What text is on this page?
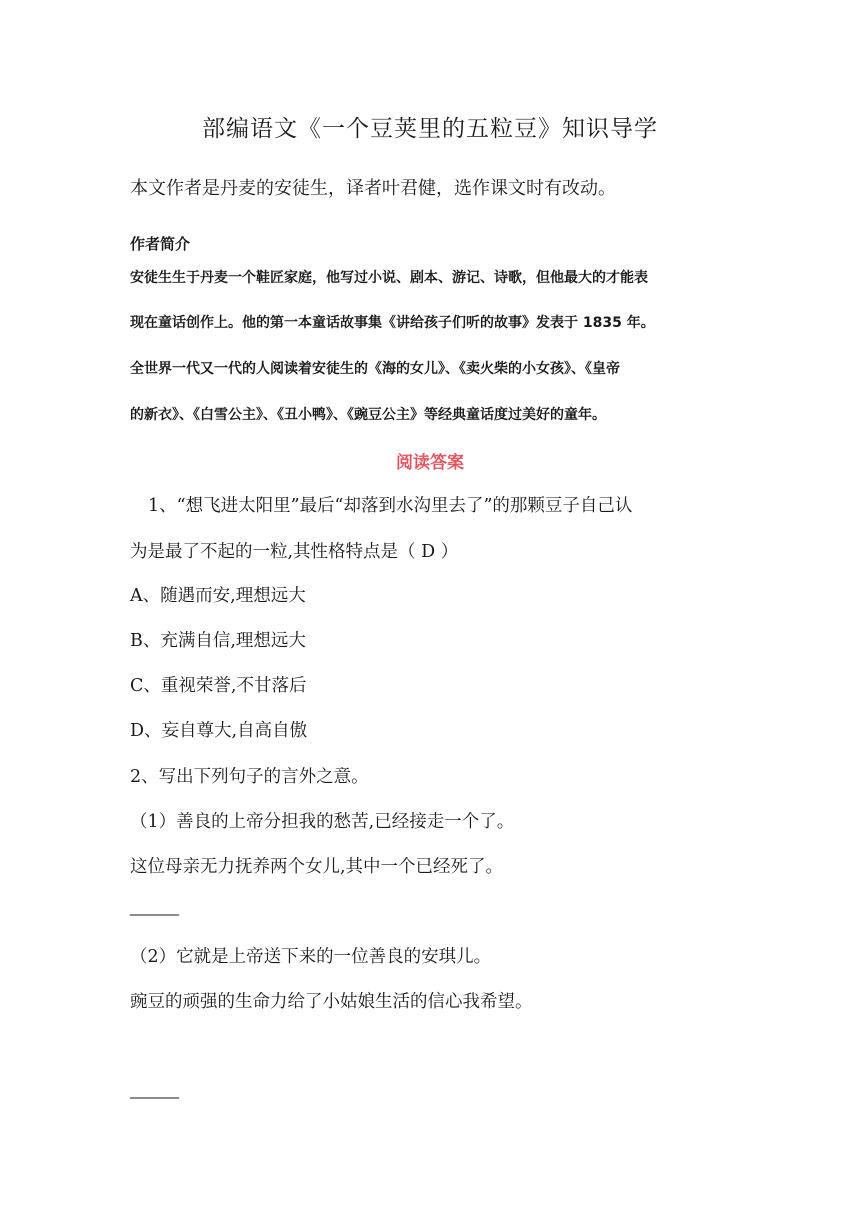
部编语文《一个豆荚里的五粒豆》知识导学
本文作者是丹麦的安徒生，译者叶君健，选作课文时有改动。
作者简介
安徒生生于丹麦一个鞋匠家庭，他写过小说、剧本、游记、诗歌，但他最大的才能表
现在童话创作上。他的第一本童话故事集《讲给孩子们听的故事》发表于 1835 年。
全世界一代又一代的人阅读着安徒生的《海的女儿》、《卖火柴的小女孩》、《皇帝
的新衣》、《白雪公主》、《丑小鸭》、《豌豆公主》等经典童话度过美好的童年。
阅读答案
1、“想飞进太阳里”最后“却落到水沟里去了”的那颗豆子自己认
为是最了不起的一粒,其性格特点是（ D ）
A、随遇而安,理想远大
B、充满自信,理想远大
C、重视荣誉,不甘落后
D、妄自尊大,自高自傲
2、写出下列句子的言外之意。
（1）善良的上帝分担我的愁苦,已经接走一个了。
这位母亲无力抚养两个女儿,其中一个已经死了。
________
（2）它就是上帝送下来的一位善良的安琪儿。
豌豆的顽强的生命力给了小姑娘生活的信心我希望。
________
